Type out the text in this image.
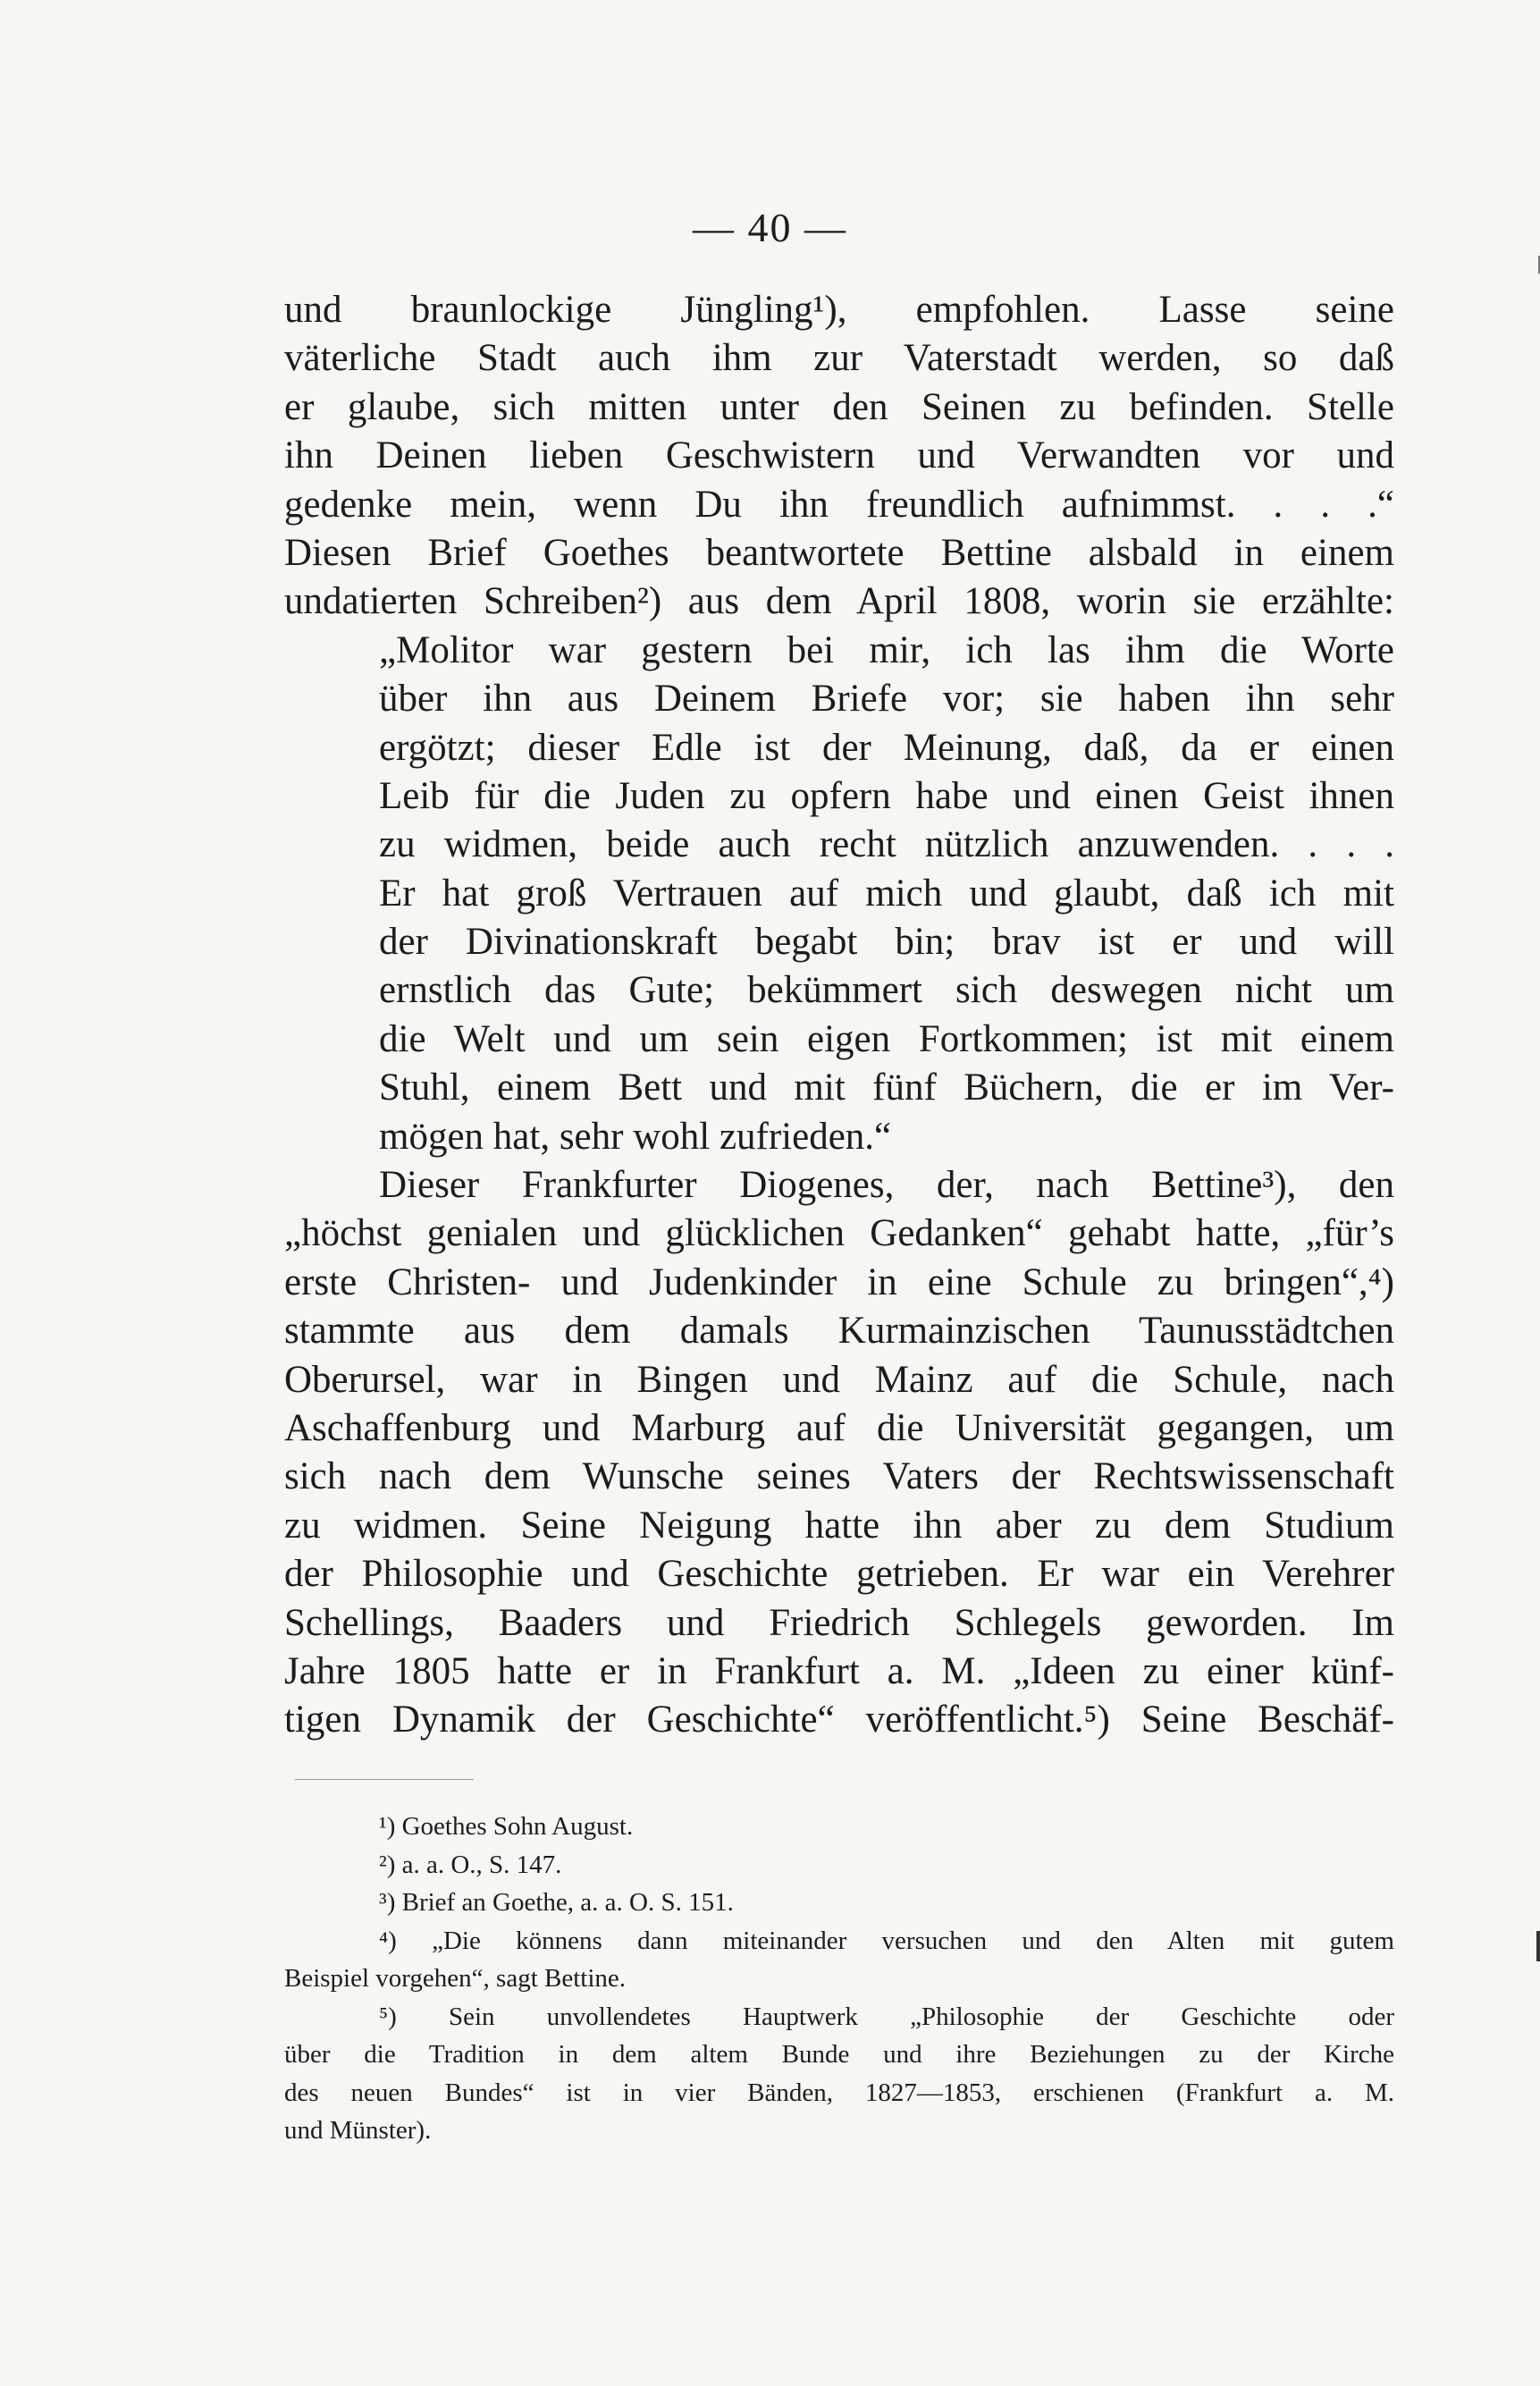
— 40 —
und braunlockige Jüngling¹), empfohlen. Lasse seine
väterliche Stadt auch ihm zur Vaterstadt werden, so daß
er glaube, sich mitten unter den Seinen zu befinden. Stelle
ihn Deinen lieben Geschwistern und Verwandten vor und
gedenke mein, wenn Du ihn freundlich aufnimmst. . . .“
Diesen Brief Goethes beantwortete Bettine alsbald in einem
undatierten Schreiben²) aus dem April 1808, worin sie erzählte:
„Molitor war gestern bei mir, ich las ihm die Worte
über ihn aus Deinem Briefe vor; sie haben ihn sehr
ergötzt; dieser Edle ist der Meinung, daß, da er einen
Leib für die Juden zu opfern habe und einen Geist ihnen
zu widmen, beide auch recht nützlich anzuwenden. . . .
Er hat groß Vertrauen auf mich und glaubt, daß ich mit
der Divinationskraft begabt bin; brav ist er und will
ernstlich das Gute; bekümmert sich deswegen nicht um
die Welt und um sein eigen Fortkommen; ist mit einem
Stuhl, einem Bett und mit fünf Büchern, die er im Ver-
mögen hat, sehr wohl zufrieden.“
Dieser Frankfurter Diogenes, der, nach Bettine³), den
„höchst genialen und glücklichen Gedanken“ gehabt hatte, „für’s
erste Christen- und Judenkinder in eine Schule zu bringen“,⁴)
stammte aus dem damals Kurmainzischen Taunusstädtchen
Oberursel, war in Bingen und Mainz auf die Schule, nach
Aschaffenburg und Marburg auf die Universität gegangen, um
sich nach dem Wunsche seines Vaters der Rechtswissenschaft
zu widmen. Seine Neigung hatte ihn aber zu dem Studium
der Philosophie und Geschichte getrieben. Er war ein Verehrer
Schellings, Baaders und Friedrich Schlegels geworden. Im
Jahre 1805 hatte er in Frankfurt a. M. „Ideen zu einer künf-
tigen Dynamik der Geschichte“ veröffentlicht.⁵) Seine Beschäf-
¹) Goethes Sohn August.
²) a. a. O., S. 147.
³) Brief an Goethe, a. a. O. S. 151.
⁴) „Die könnens dann miteinander versuchen und den Alten mit gutem
Beispiel vorgehen“, sagt Bettine.
⁵) Sein unvollendetes Hauptwerk „Philosophie der Geschichte oder
über die Tradition in dem altem Bunde und ihre Beziehungen zu der Kirche
des neuen Bundes“ ist in vier Bänden, 1827—1853, erschienen (Frankfurt a. M.
und Münster).
